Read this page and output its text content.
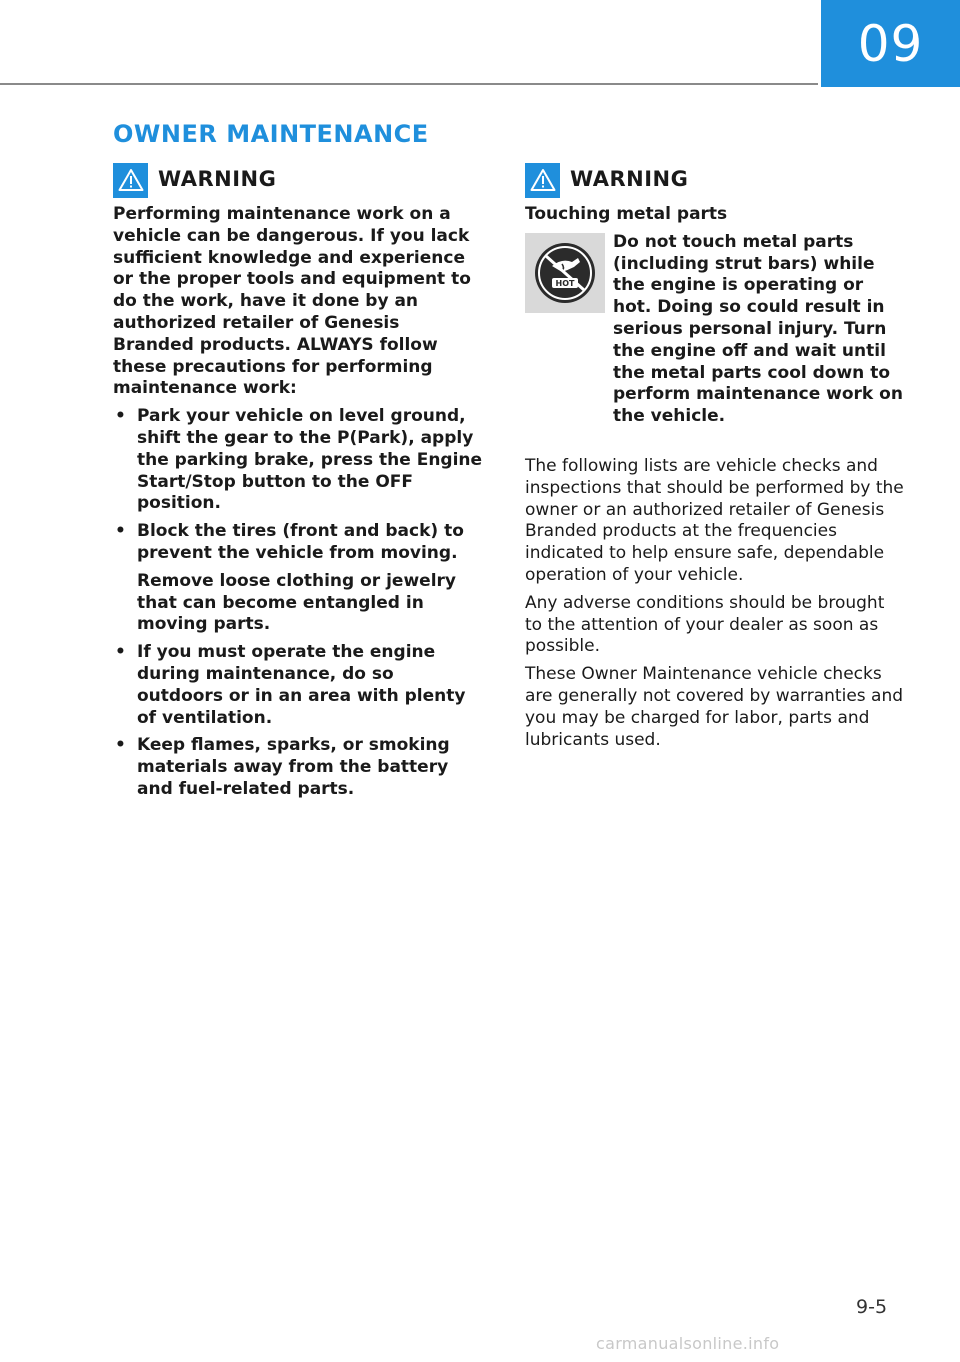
09
OWNER MAINTENANCE
WARNING

Performing maintenance work on a vehicle can be dangerous. If you lack sufficient knowledge and experience or the proper tools and equipment to do the work, have it done by an authorized retailer of Genesis Branded products. ALWAYS follow these precautions for performing maintenance work:

• Park your vehicle on level ground, shift the gear to the P(Park), apply the parking brake, press the Engine Start/Stop button to the OFF position.
• Block the tires (front and back) to prevent the vehicle from moving.
Remove loose clothing or jewelry that can become entangled in moving parts.
• If you must operate the engine during maintenance, do so outdoors or in an area with plenty of ventilation.
• Keep flames, sparks, or smoking materials away from the battery and fuel-related parts.
WARNING
Touching metal parts
HOT

Do not touch metal parts (including strut bars) while the engine is operating or hot. Doing so could result in serious personal injury. Turn the engine off and wait until the metal parts cool down to perform maintenance work on the vehicle.

The following lists are vehicle checks and inspections that should be performed by the owner or an authorized retailer of Genesis Branded products at the frequencies indicated to help ensure safe, dependable operation of your vehicle.

Any adverse conditions should be brought to the attention of your dealer as soon as possible.

These Owner Maintenance vehicle checks are generally not covered by warranties and you may be charged for labor, parts and lubricants used.

9-5
carmanualsonline.info
